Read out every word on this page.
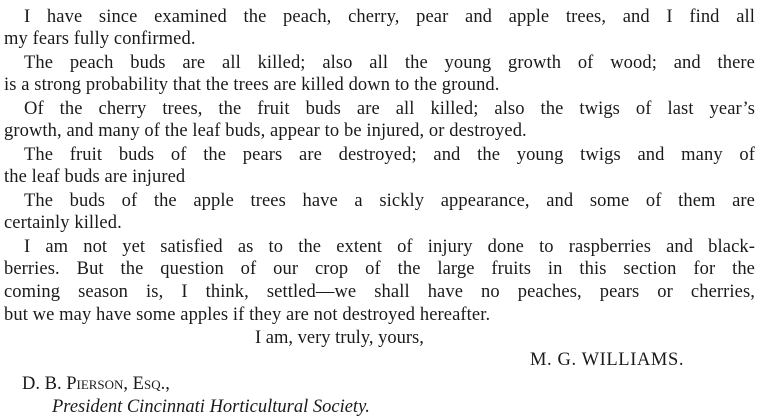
I have since examined the peach, cherry, pear and apple trees, and I find all
my fears fully confirmed.
The peach buds are all killed; also all the young growth of wood; and there
is a strong probability that the trees are killed down to the ground.
Of the cherry trees, the fruit buds are all killed; also the twigs of last year’s
growth, and many of the leaf buds, appear to be injured, or destroyed.
The fruit buds of the pears are destroyed; and the young twigs and many of
the leaf buds are injured
The buds of the apple trees have a sickly appearance, and some of them are
certainly killed.
I am not yet satisfied as to the extent of injury done to raspberries and black-
berries. But the question of our crop of the large fruits in this section for the
coming season is, I think, settled—we shall have no peaches, pears or cherries,
but we may have some apples if they are not destroyed hereafter.
I am, very truly, yours,
M. G. WILLIAMS.
D. B. Pierson, Esq.,
President Cincinnati Horticultural Society.
